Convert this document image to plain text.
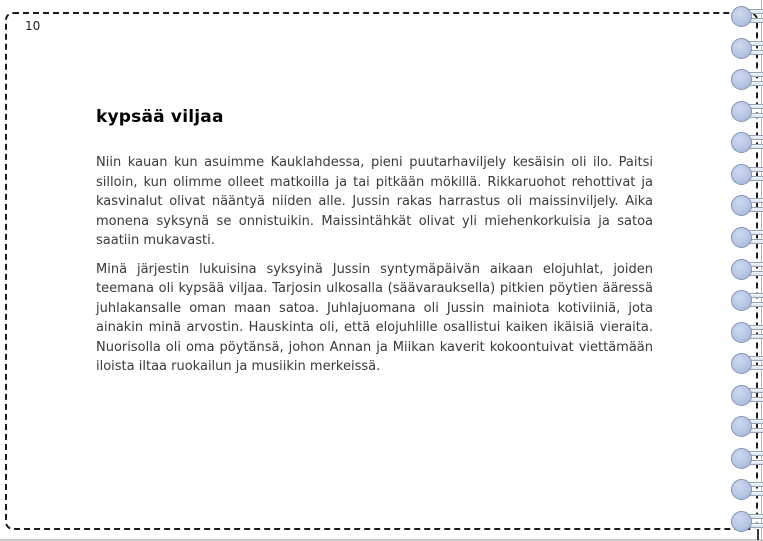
10
kypsää viljaa

Niin kauan kun asuimme Kauklahdessa, pieni puutarhaviljely kesäisin oli ilo. Paitsi silloin, kun olimme olleet matkoilla ja tai pitkään mökillä. Rikkaruohot rehottivat ja kasvinalut olivat nääntyä niiden alle. Jussin rakas harrastus oli maissinviljely. Aika monena syksynä se onnistuikin. Maissintähkät olivat yli miehenkorkuisia ja satoa saatiin mukavasti.

Minä järjestin lukuisina syksyinä Jussin syntymäpäivän aikaan elojuhlat, joiden teemana oli kypsää viljaa. Tarjosin ulkosalla (säävarauksella) pitkien pöytien ääressä juhlakansalle oman maan satoa. Juhlajuomana oli Jussin mainiota kotiviiniä, jota ainakin minä arvostin. Hauskinta oli, että elojuhlille osallistui kaiken ikäisiä vieraita. Nuorisolla oli oma pöytänsä, johon Annan ja Miikan kaverit kokoontuivat viettämään iloista iltaa ruokailun ja musiikin merkeissä.
